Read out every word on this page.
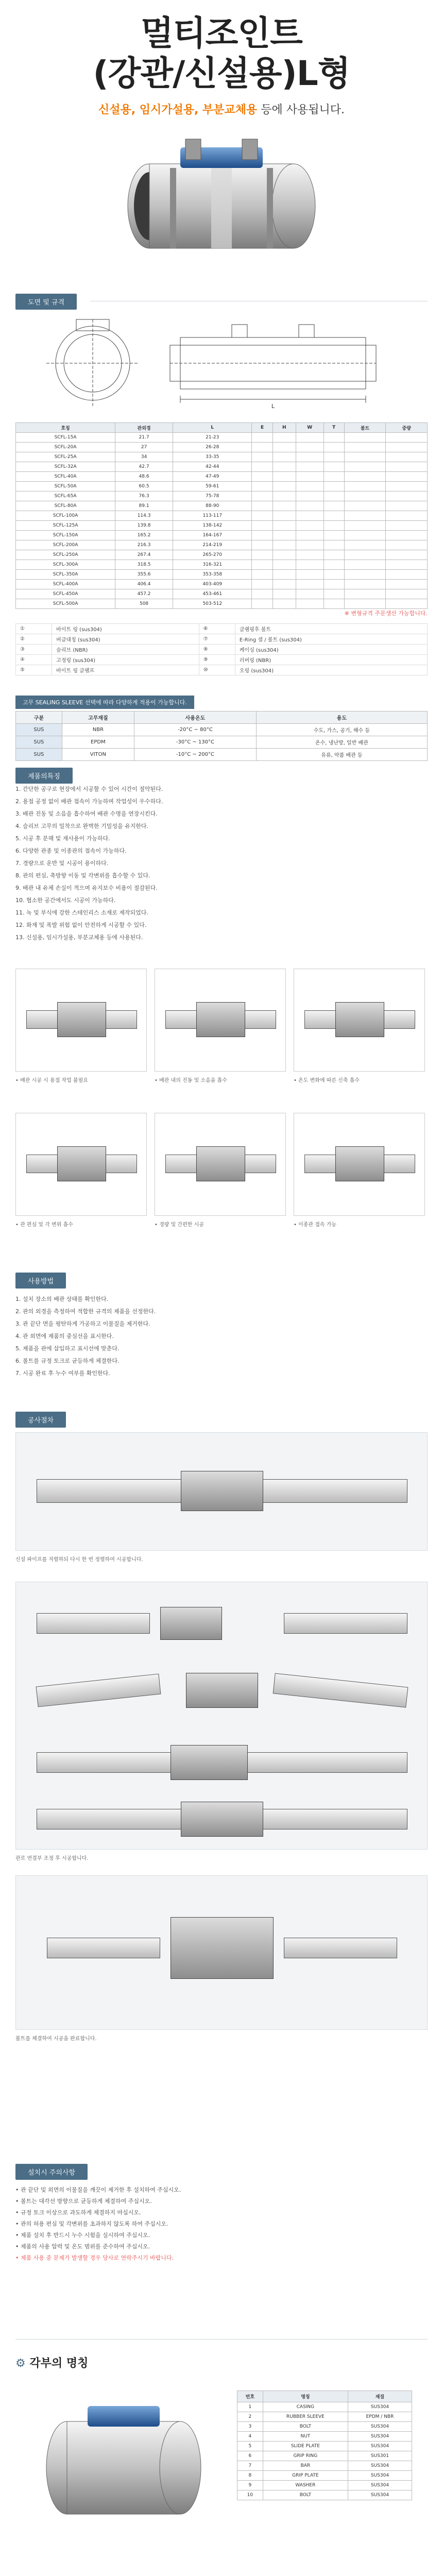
멀티조인트
(강관/신설용)L형
신설용, 임시가설용, 부분교체용 등에 사용됩니다.
도면 및 규격
L
호칭	관외경	L	E	H	W	T	볼트	중량
SCFL-15A	21.7	21-23						
SCFL-20A	27	26-28						
SCFL-25A	34	33-35						
SCFL-32A	42.7	42-44						
SCFL-40A	48.6	47-49						
SCFL-50A	60.5	59-61						
SCFL-65A	76.3	75-78						
SCFL-80A	89.1	88-90						
SCFL-100A	114.3	113-117						
SCFL-125A	139.8	138-142						
SCFL-150A	165.2	164-167						
SCFL-200A	216.3	214-219						
SCFL-250A	267.4	265-270						
SCFL-300A	318.5	316-321						
SCFL-350A	355.6	353-358						
SCFL-400A	406.4	403-409						
SCFL-450A	457.2	453-461						
SCFL-500A	508	503-512						
※ 변형규격 주문생산 가능합니다.
①	바이트 링 (sus304)	⑥	클램핑후 볼트
②	버클대칭 (sus304)	⑦	E-Ring 셀 / 볼트 (sus304)
③	슬리브 (NBR)	⑧	케이싱 (sus304)
④	고정링 (sus304)	⑨	러버링 (NBR)
⑤	바이트 링 클램프	⑩	오링 (sus304)
고무 SEALING SLEEVE 선택에 따라 다양하게 적용이 가능합니다.
구분	고무재질	사용온도	용도
SUS	NBR	-20°C ~ 80°C	수도, 가스, 공기, 해수 등
SUS	EPDM	-30°C ~ 130°C	온수, 냉난방, 일반 배관
SUS	VITON	-10°C ~ 200°C	유류, 약품 배관 등
제품의특징

1. 간단한 공구로 현장에서 시공할 수 있어 시간이 절약된다.

2. 용접 공정 없이 배관 접속이 가능하며 작업성이 우수하다.

3. 배관 진동 및 소음을 흡수하여 배관 수명을 연장시킨다.

4. 슬리브 고무의 밀착으로 완벽한 기밀성을 유지한다.

5. 시공 후 분해 및 재사용이 가능하다.

6. 다양한 관종 및 이종관의 접속이 가능하다.

7. 경량으로 운반 및 시공이 용이하다.

8. 관의 편심, 축방향 이동 및 각변위를 흡수할 수 있다.

9. 배관 내 유체 손실이 적으며 유지보수 비용이 절감된다.

10. 협소한 공간에서도 시공이 가능하다.

11. 녹 및 부식에 강한 스테인리스 소재로 제작되었다.

12. 화재 및 폭발 위험 없이 안전하게 시공할 수 있다.

13. 신설용, 임시가설용, 부분교체용 등에 사용된다.

• 배관 시공 시 용접 작업 불필요	• 배관 내의 진동 및 소음을 흡수	• 온도 변화에 따른 신축 흡수
• 관 편심 및 각 변위 흡수	• 경량 및 간편한 시공	• 이종관 접속 가능
사용방법

1. 설치 장소의 배관 상태를 확인한다.

2. 관의 외경을 측정하여 적합한 규격의 제품을 선정한다.

3. 관 끝단 면을 평탄하게 가공하고 이물질을 제거한다.

4. 관 외면에 제품의 중심선을 표시한다.

5. 제품을 관에 삽입하고 표시선에 맞춘다.

6. 볼트를 규정 토크로 균등하게 체결한다.

7. 시공 완료 후 누수 여부를 확인한다.

공사절차
신설 파이프를 직렬하되 다시 한 번 정렬하여 시공합니다.
관로 연결부 조정 후 시공합니다.
볼트를 체결하여 시공을 완료합니다.
설치시 주의사항

• 관 끝단 및 외면의 이물질을 깨끗이 제거한 후 설치하여 주십시오.

• 볼트는 대각선 방향으로 균등하게 체결하여 주십시오.

• 규정 토크 이상으로 과도하게 체결하지 마십시오.

• 관의 허용 편심 및 각변위를 초과하지 않도록 하여 주십시오.

• 제품 설치 후 반드시 누수 시험을 실시하여 주십시오.

• 제품의 사용 압력 및 온도 범위를 준수하여 주십시오.

• 제품 사용 중 문제가 발생할 경우 당사로 연락주시기 바랍니다.

⚙ 각부의 명칭
번호	명칭	재질
1	CASING	SUS304
2	RUBBER SLEEVE	EPDM / NBR
3	BOLT	SUS304
4	NUT	SUS304
5	SLIDE PLATE	SUS304
6	GRIP RING	SUS301
7	BAR	SUS304
8	GRIP PLATE	SUS304
9	WASHER	SUS304
10	BOLT	SUS304
